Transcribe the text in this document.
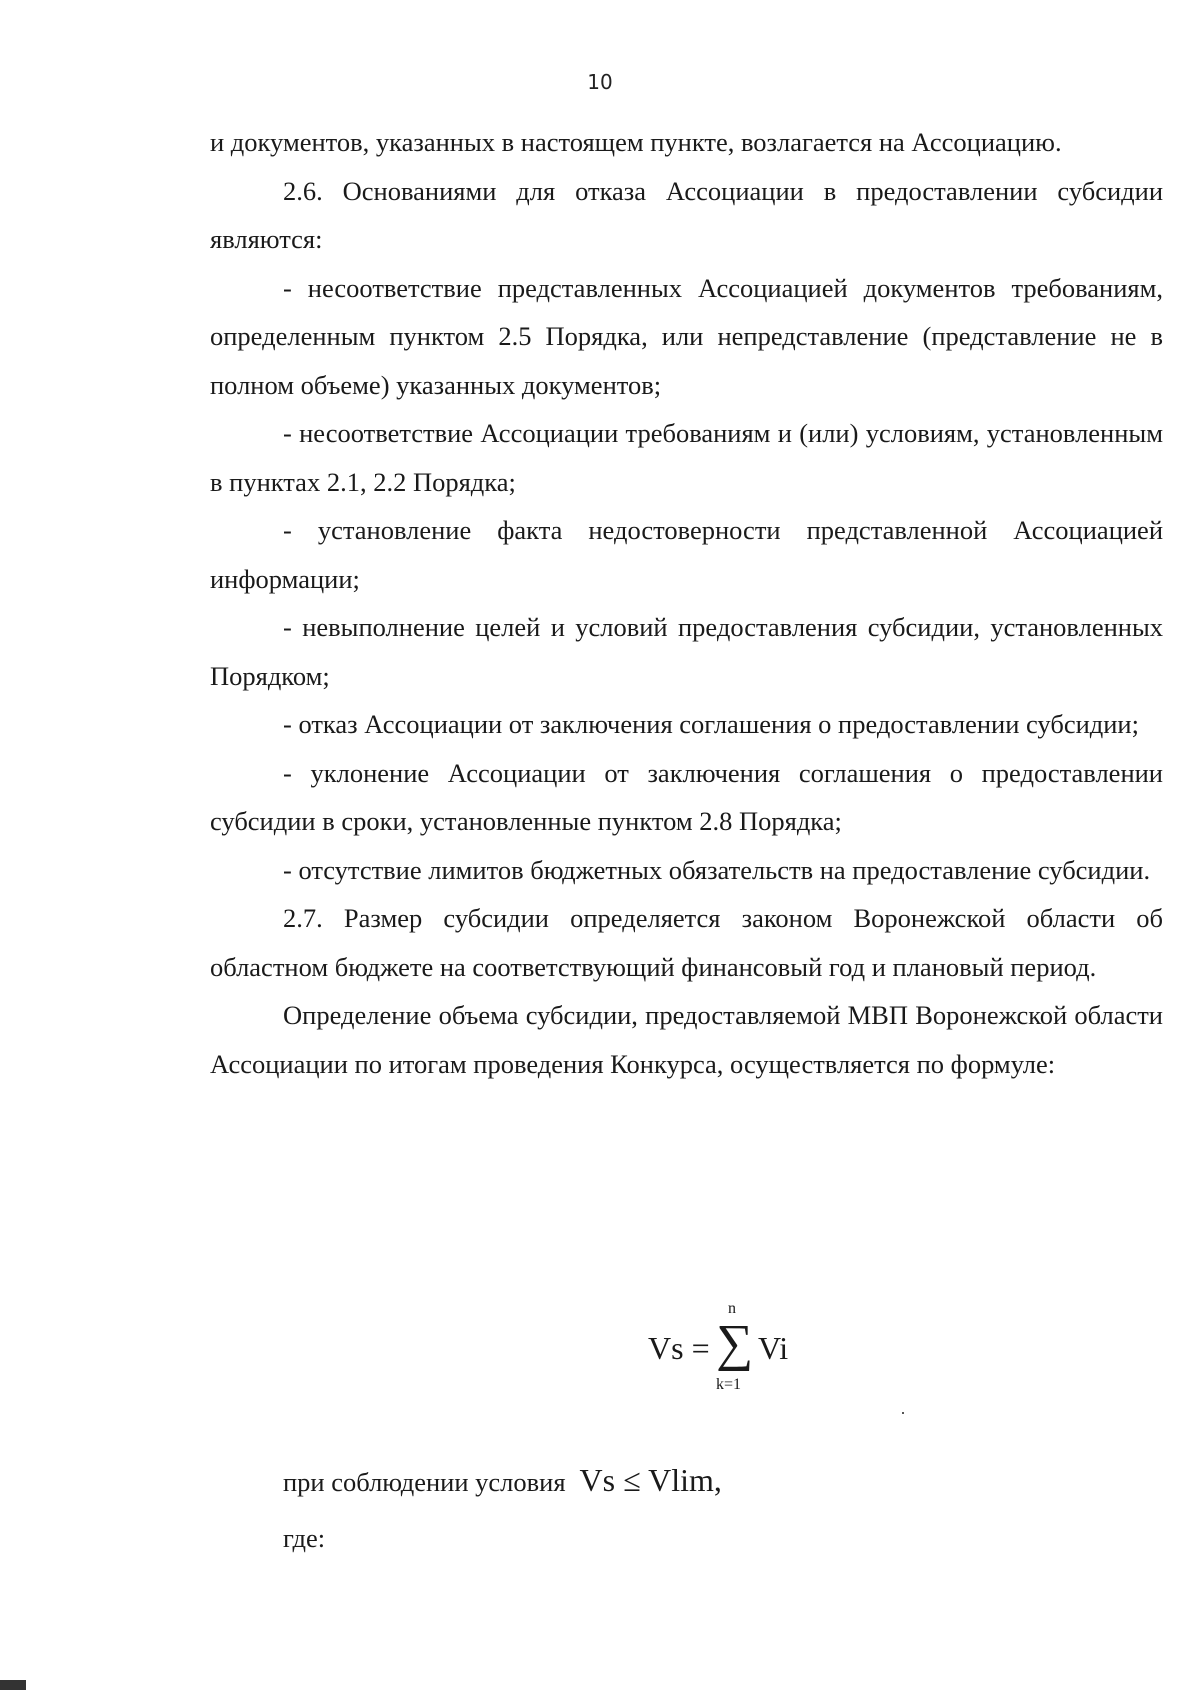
10

и документов, указанных в настоящем пункте, возлагается на Ассоциацию.

2.6. Основаниями для отказа Ассоциации в предоставлении субсидии являются:

- несоответствие представленных Ассоциацией документов требованиям, определенным пунктом 2.5 Порядка, или непредставление (представление не в полном объеме) указанных документов;

- несоответствие Ассоциации требованиям и (или) условиям, установленным в пунктах 2.1, 2.2 Порядка;

- установление факта недостоверности представленной Ассоциацией информации;

- невыполнение целей и условий предоставления субсидии, установленных Порядком;

- отказ Ассоциации от заключения соглашения о предоставлении субсидии;

- уклонение Ассоциации от заключения соглашения о предоставлении субсидии в сроки, установленные пунктом 2.8 Порядка;

- отсутствие лимитов бюджетных обязательств на предоставление субсидии.

2.7. Размер субсидии определяется законом Воронежской области об областном бюджете на соответствующий финансовый год и плановый период.

Определение объема субсидии, предоставляемой МВП Воронежской области Ассоциации по итогам проведения Конкурса, осуществляется по формуле:

Vs =
n
∑
k=1
Vi
при соблюдении условия Vs ≤ Vlim,
где:
